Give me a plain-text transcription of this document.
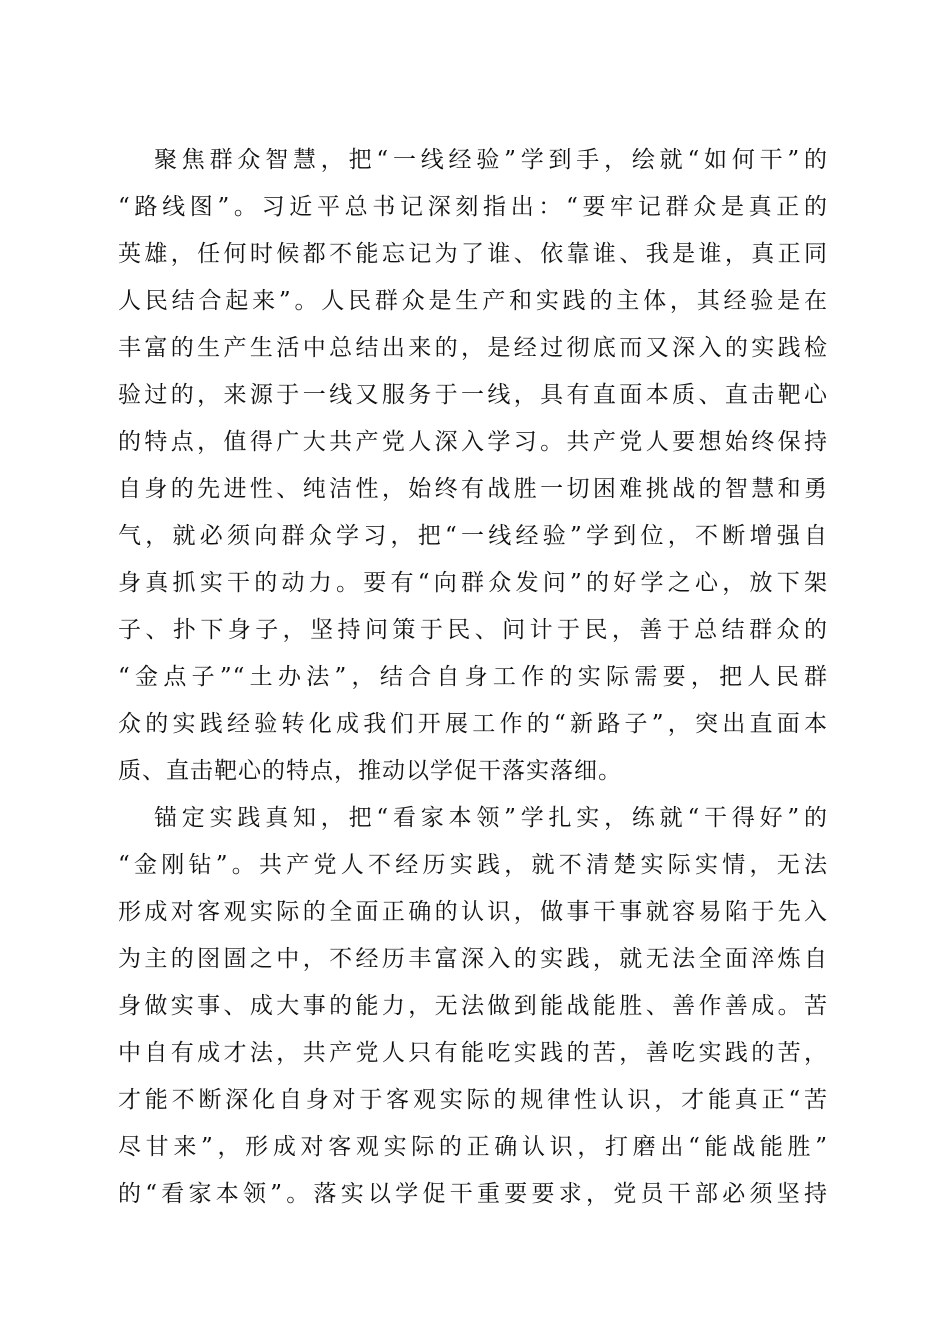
聚焦群众智慧，把“一线经验”学到手，绘就“如何干”的
“路线图”。习近平总书记深刻指出：“要牢记群众是真正的
英雄，任何时候都不能忘记为了谁、依靠谁、我是谁，真正同
人民结合起来”。人民群众是生产和实践的主体，其经验是在
丰富的生产生活中总结出来的，是经过彻底而又深入的实践检
验过的，来源于一线又服务于一线，具有直面本质、直击靶心
的特点，值得广大共产党人深入学习。共产党人要想始终保持
自身的先进性、纯洁性，始终有战胜一切困难挑战的智慧和勇
气，就必须向群众学习，把“一线经验”学到位，不断增强自
身真抓实干的动力。要有“向群众发问”的好学之心，放下架
子、扑下身子，坚持问策于民、问计于民，善于总结群众的
“金点子”“土办法”，结合自身工作的实际需要，把人民群
众的实践经验转化成我们开展工作的“新路子”，突出直面本
质、直击靶心的特点，推动以学促干落实落细。
锚定实践真知，把“看家本领”学扎实，练就“干得好”的
“金刚钻”。共产党人不经历实践，就不清楚实际实情，无法
形成对客观实际的全面正确的认识，做事干事就容易陷于先入
为主的囹圄之中，不经历丰富深入的实践，就无法全面淬炼自
身做实事、成大事的能力，无法做到能战能胜、善作善成。苦
中自有成才法，共产党人只有能吃实践的苦，善吃实践的苦，
才能不断深化自身对于客观实际的规律性认识，才能真正“苦
尽甘来”，形成对客观实际的正确认识，打磨出“能战能胜”
的“看家本领”。落实以学促干重要要求，党员干部必须坚持
